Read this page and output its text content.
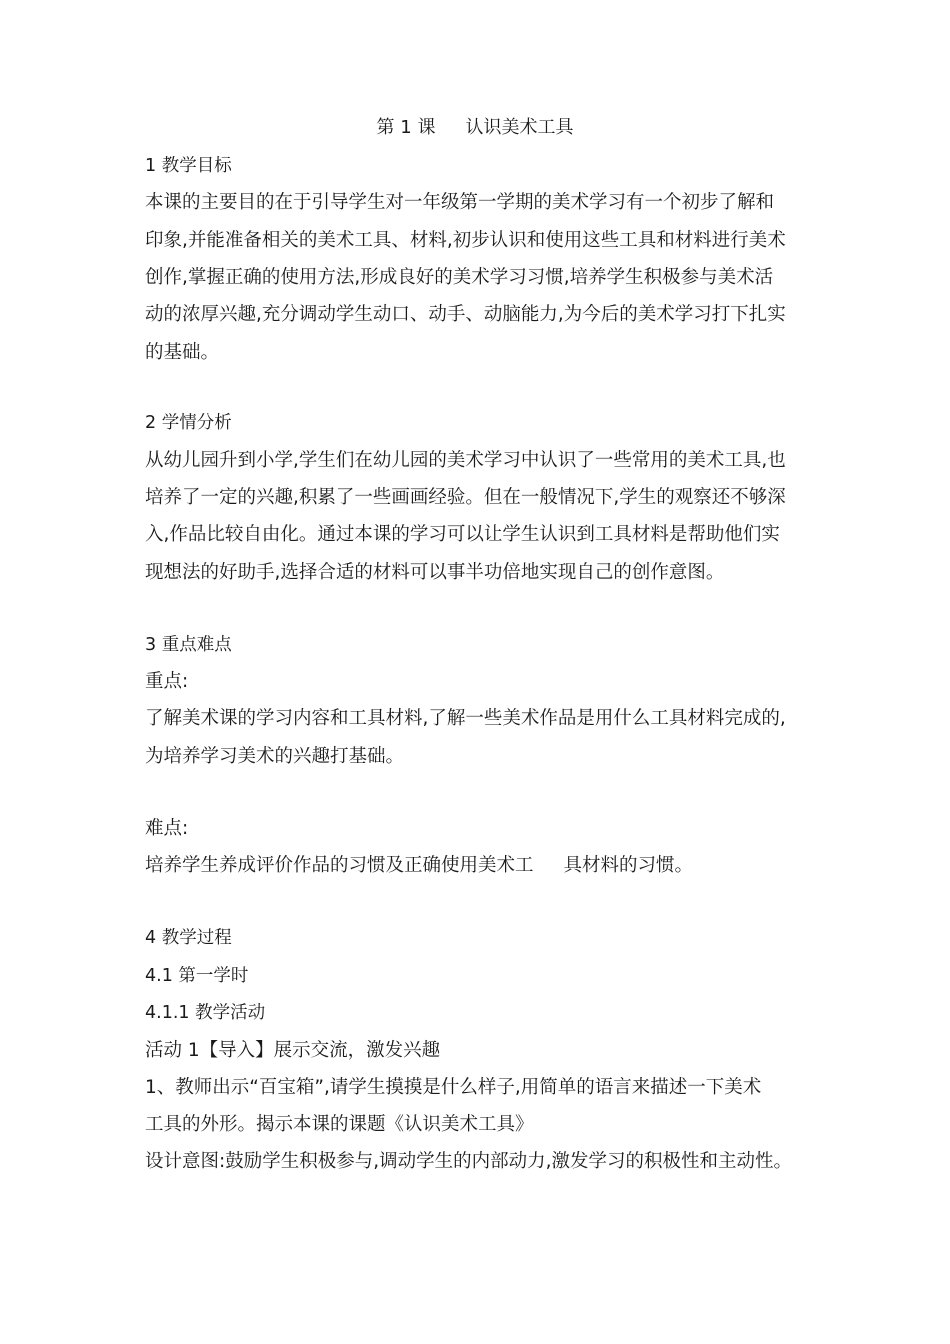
第 1 课 认识美术工具
1 教学目标
本课的主要目的在于引导学生对一年级第一学期的美术学习有一个初步了解和
印象,并能准备相关的美术工具、材料,初步认识和使用这些工具和材料进行美术
创作,掌握正确的使用方法,形成良好的美术学习习惯,培养学生积极参与美术活
动的浓厚兴趣,充分调动学生动口、动手、动脑能力,为今后的美术学习打下扎实
的基础。
2 学情分析
从幼儿园升到小学,学生们在幼儿园的美术学习中认识了一些常用的美术工具,也
培养了一定的兴趣,积累了一些画画经验。但在一般情况下,学生的观察还不够深
入,作品比较自由化。通过本课的学习可以让学生认识到工具材料是帮助他们实
现想法的好助手,选择合适的材料可以事半功倍地实现自己的创作意图。
3 重点难点
重点:
了解美术课的学习内容和工具材料,了解一些美术作品是用什么工具材料完成的,
为培养学习美术的兴趣打基础。
难点:
培养学生养成评价作品的习惯及正确使用美术工 具材料的习惯。
4 教学过程
4.1 第一学时
4.1.1 教学活动
活动 1【导入】展示交流，激发兴趣
1、教师出示“百宝箱”,请学生摸摸是什么样子,用简单的语言来描述一下美术
工具的外形。揭示本课的课题《认识美术工具》
设计意图:鼓励学生积极参与,调动学生的内部动力,激发学习的积极性和主动性。
